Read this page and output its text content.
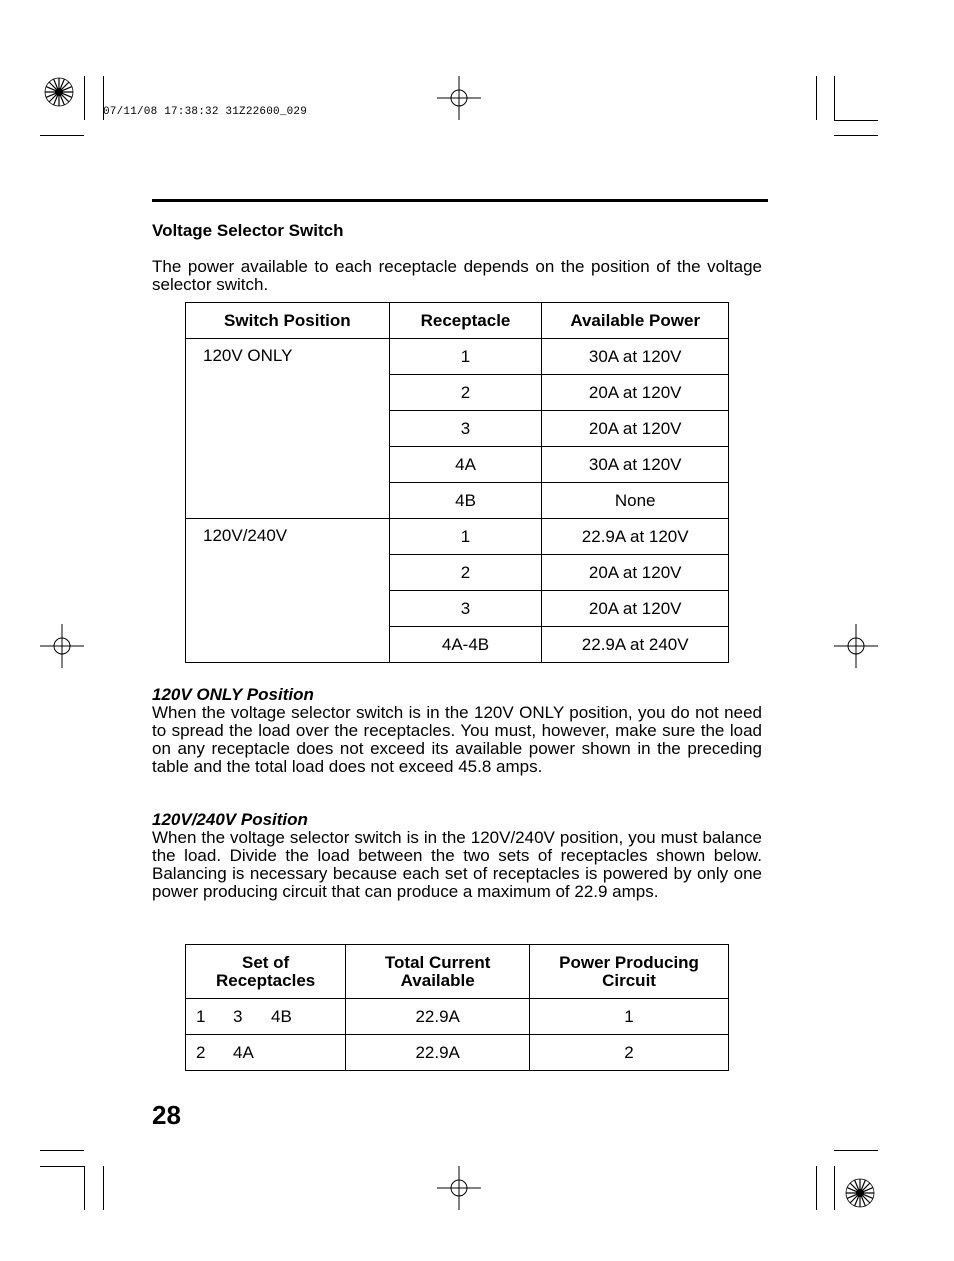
07/11/08 17:38:32 31Z22600_029
Voltage Selector Switch
The power available to each receptacle depends on the position of the voltage selector switch.
Switch Position	Receptacle	Available Power
120V ONLY	1	30A at 120V
	2	20A at 120V
	3	20A at 120V
	4A	30A at 120V
	4B	None
120V/240V	1	22.9A at 120V
	2	20A at 120V
	3	20A at 120V
	4A-4B	22.9A at 240V
120V ONLY Position
When the voltage selector switch is in the 120V ONLY position, you do not need to spread the load over the receptacles. You must, however, make sure the load on any receptacle does not exceed its available power shown in the preceding table and the total load does not exceed 45.8 amps.
120V/240V Position
When the voltage selector switch is in the 120V/240V position, you must balance the load. Divide the load between the two sets of receptacles shown below. Balancing is necessary because each set of receptacles is powered by only one power producing circuit that can produce a maximum of 22.9 amps.
Set of Receptacles	Total Current Available	Power Producing Circuit
1 3 4B	22.9A	1
2 4A	22.9A	2
28
